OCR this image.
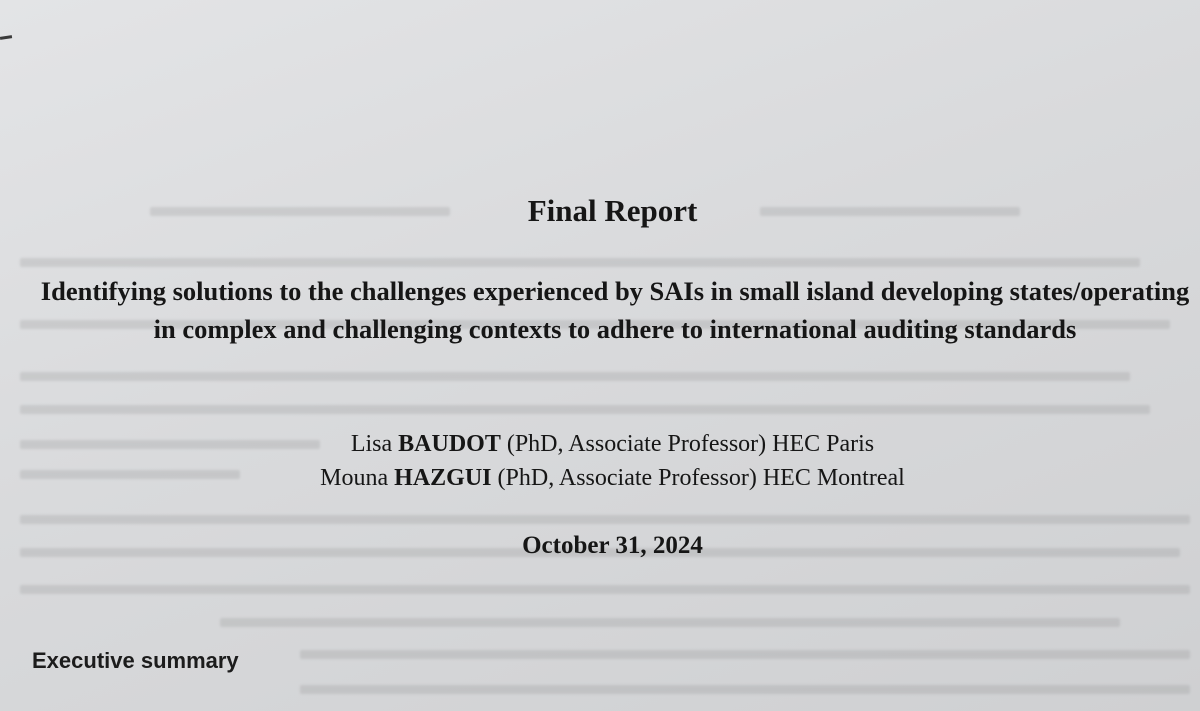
Final Report

Identifying solutions to the challenges experienced by SAIs in small island developing states/operating in complex and challenging contexts to adhere to international auditing standards

Lisa BAUDOT (PhD, Associate Professor) HEC Paris
Mouna HAZGUI (PhD, Associate Professor) HEC Montreal

October 31, 2024

Executive summary
